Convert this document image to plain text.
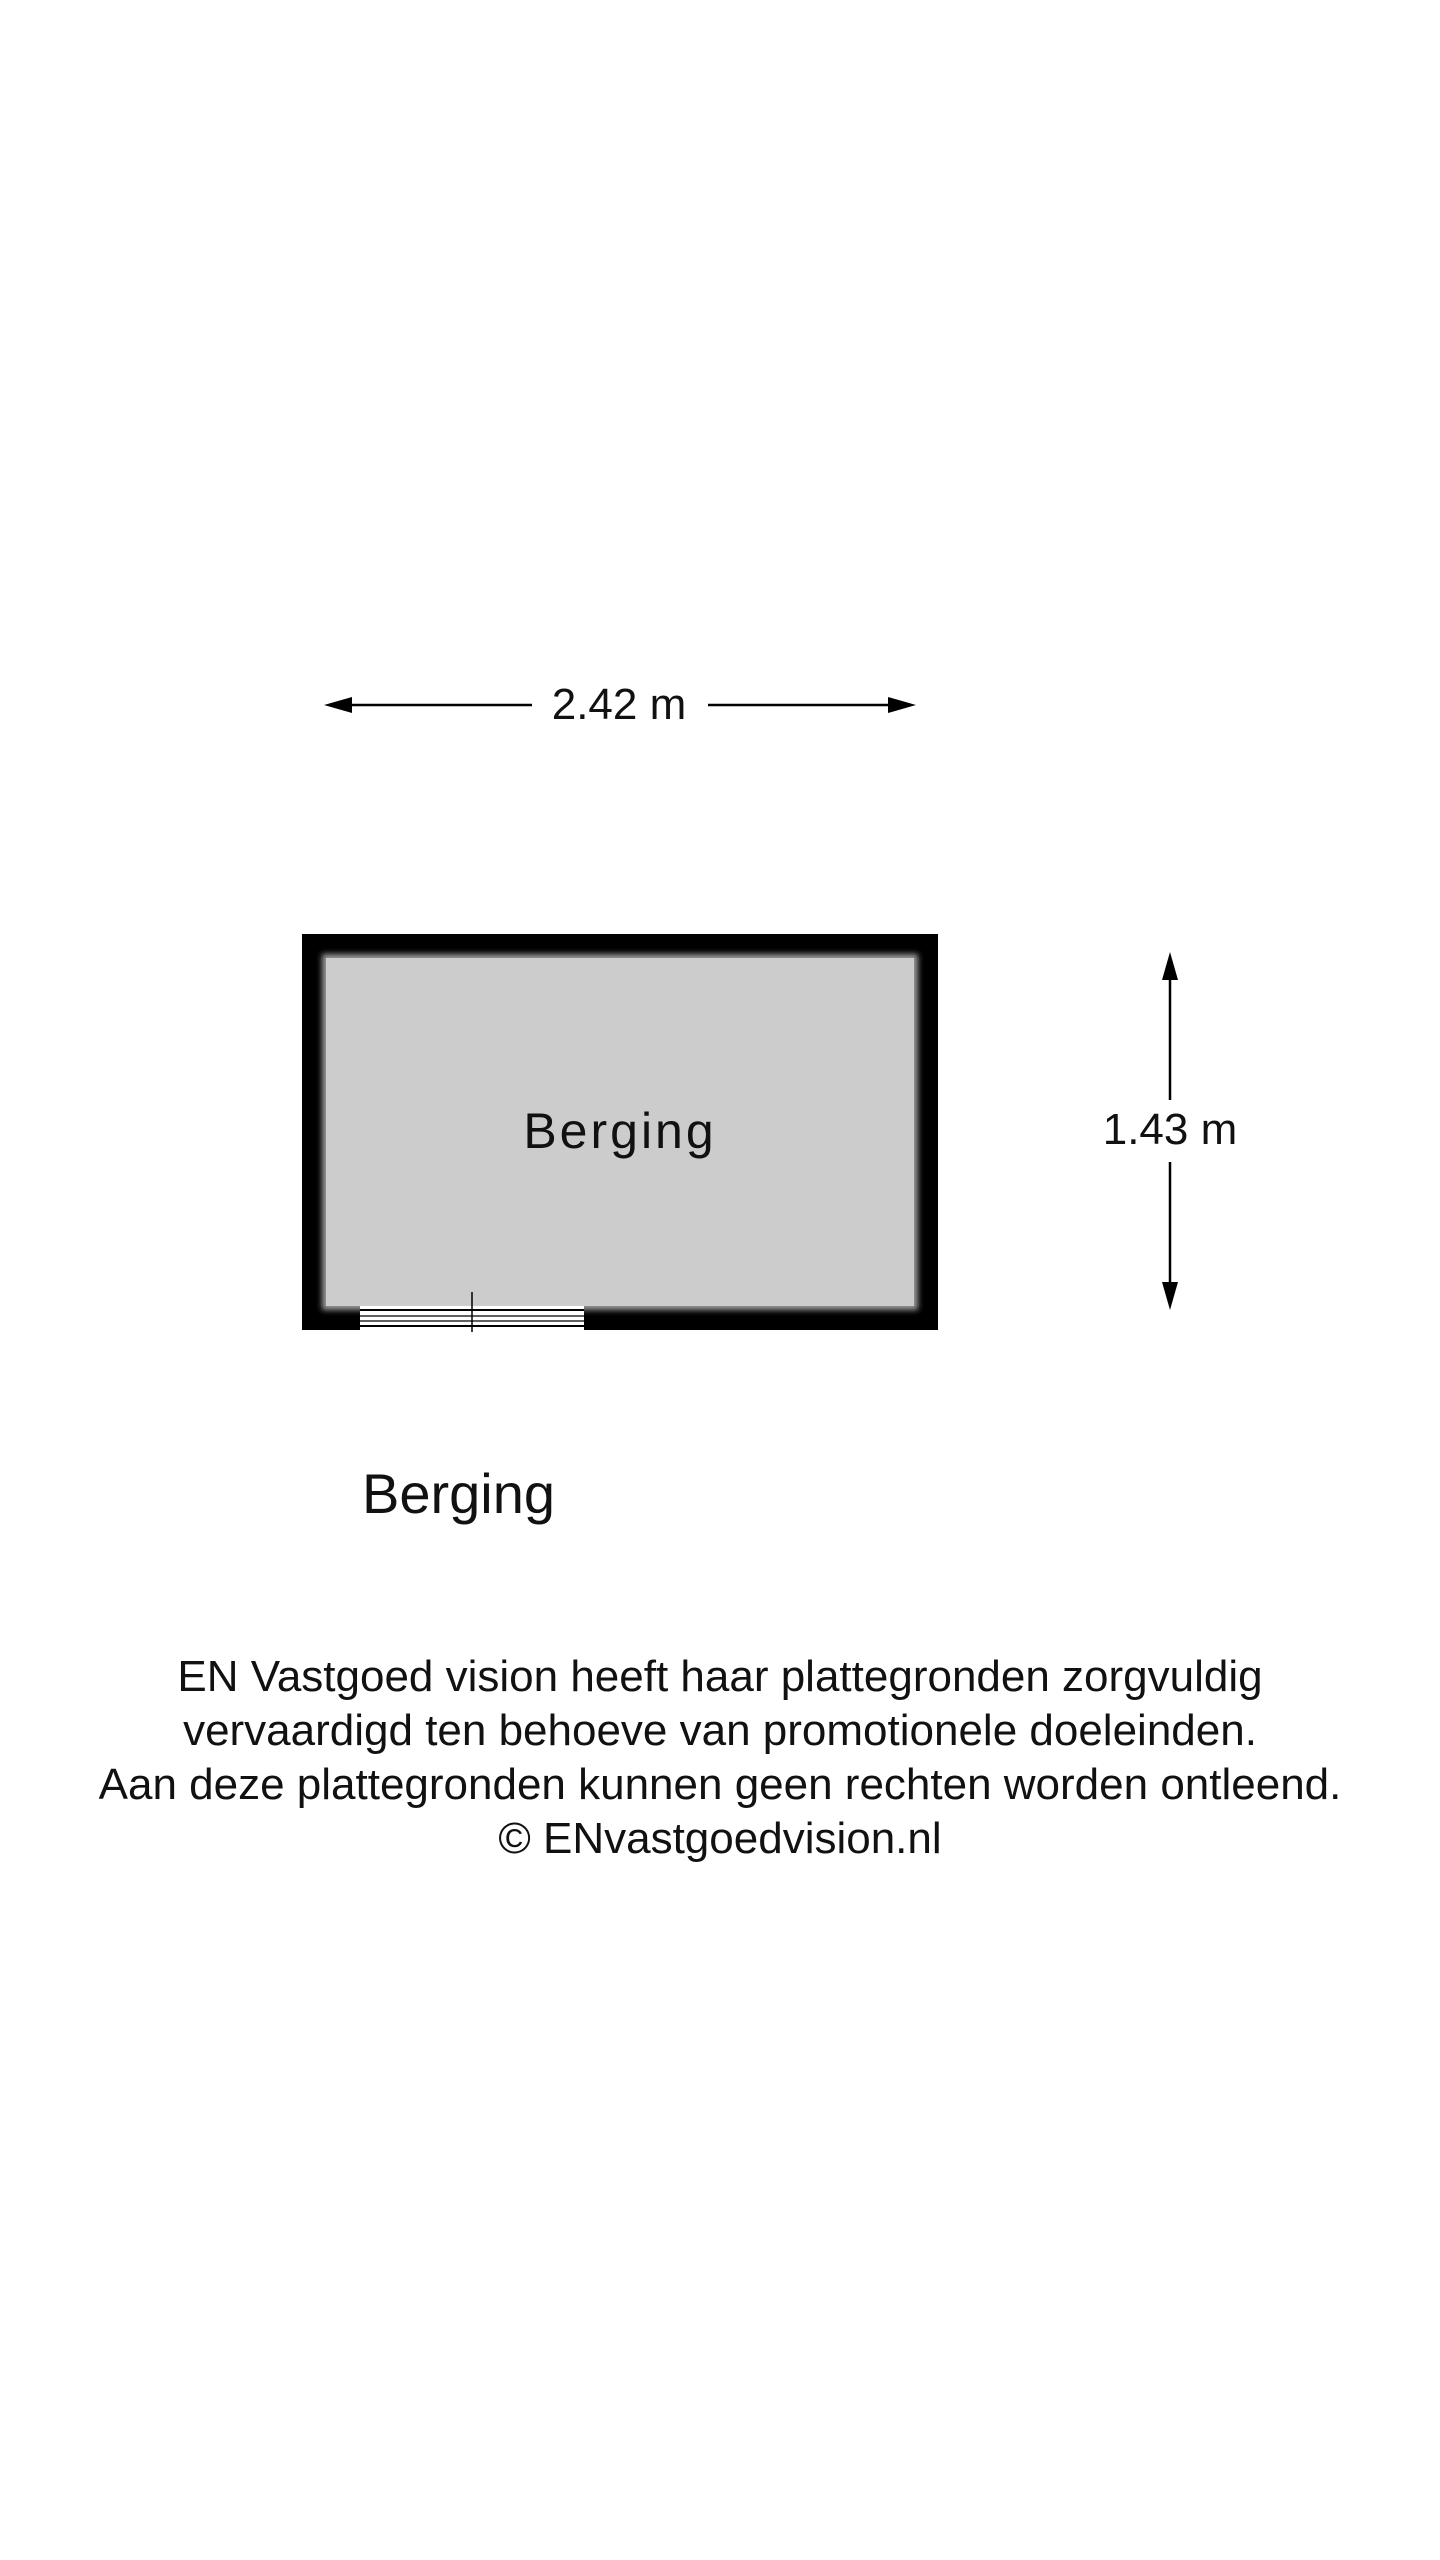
2.42 m
Berging	1.43 m
Berging
EN Vastgoed vision heeft haar plattegronden zorgvuldig
vervaardigd ten behoeve van promotionele doeleinden.
Aan deze plattegronden kunnen geen rechten worden ontleend.
© ENvastgoedvision.nl
